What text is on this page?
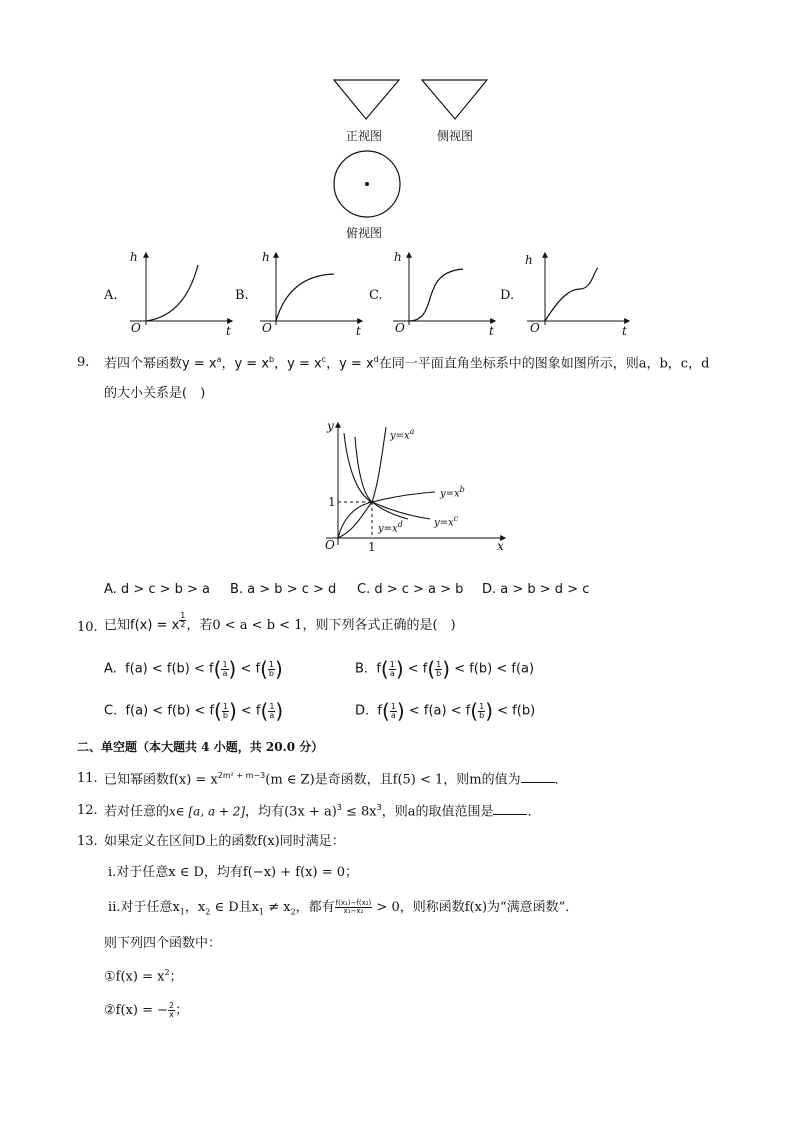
正视图	侧视图
俯视图
A.
h
O	t
B.
h
O	t
C.
h
O	t
D.
h
O	t
9. 若四个幂函数$y = x^a$，$y = x^b$，$y = x^c$，$y = x^d$在同一平面直角坐标系中的图象如图所示，则a，b，c，d
的大小关系是(　)
y
x
O	1
1
$y=x^a$
$y=x^b$
$y=x^c$
$y=x^d$
A. d > c > b > a B. a > b > c > d C. d > c > a > b D. a > b > d > c
10. 已知f(x) = x $\frac{1}{2}$ ，若0 < a < b < 1，则下列各式正确的是(　)
A. $f(a) < f(b) < f( \frac{1}{a}$ ) < $f( \frac{1}{b}$ )	B. $f( \frac{1}{a}$ ) < $f( \frac{1}{b}$ ) < f(b) < f(a)
C. $f(a) < f(b) < f( \frac{1}{b}$ ) < $f( \frac{1}{a}$ )	D. $f( \frac{1}{a}$ ) < $f(a) < f( \frac{1}{b}$ ) < f(b)
二、单空题（本大题共 4 小题，共 20.0 分）
11. 已知幂函数$f(x) = x^{2m^2 + m-3}(m$ ∈ Z)是奇函数，且f(5) < 1，则m的值为	．
12. 若对任意的x∈ [a, a + 2]，均有$(3x + a)^3 \le 8x^3$，则a的取值范围是	．
13. 如果定义在区间D上的函数f(x)同时满足：
ⅰ.对于任意x ∈ D，均有f(−x) + f(x) = 0；
ⅱ.对于任意$x_1$，$x_2$ ∈ D且$x_1 \ne x_2$，都有 $\frac{\text{f(x₁)−f(x₂)}}{\text{x₁−x₂}} > 0$，则称函数f(x)为“满意函数”．
则下列四个函数中：
①f(x) = $x^2$；
②f(x) = − $\frac{2}{x}$ ；
